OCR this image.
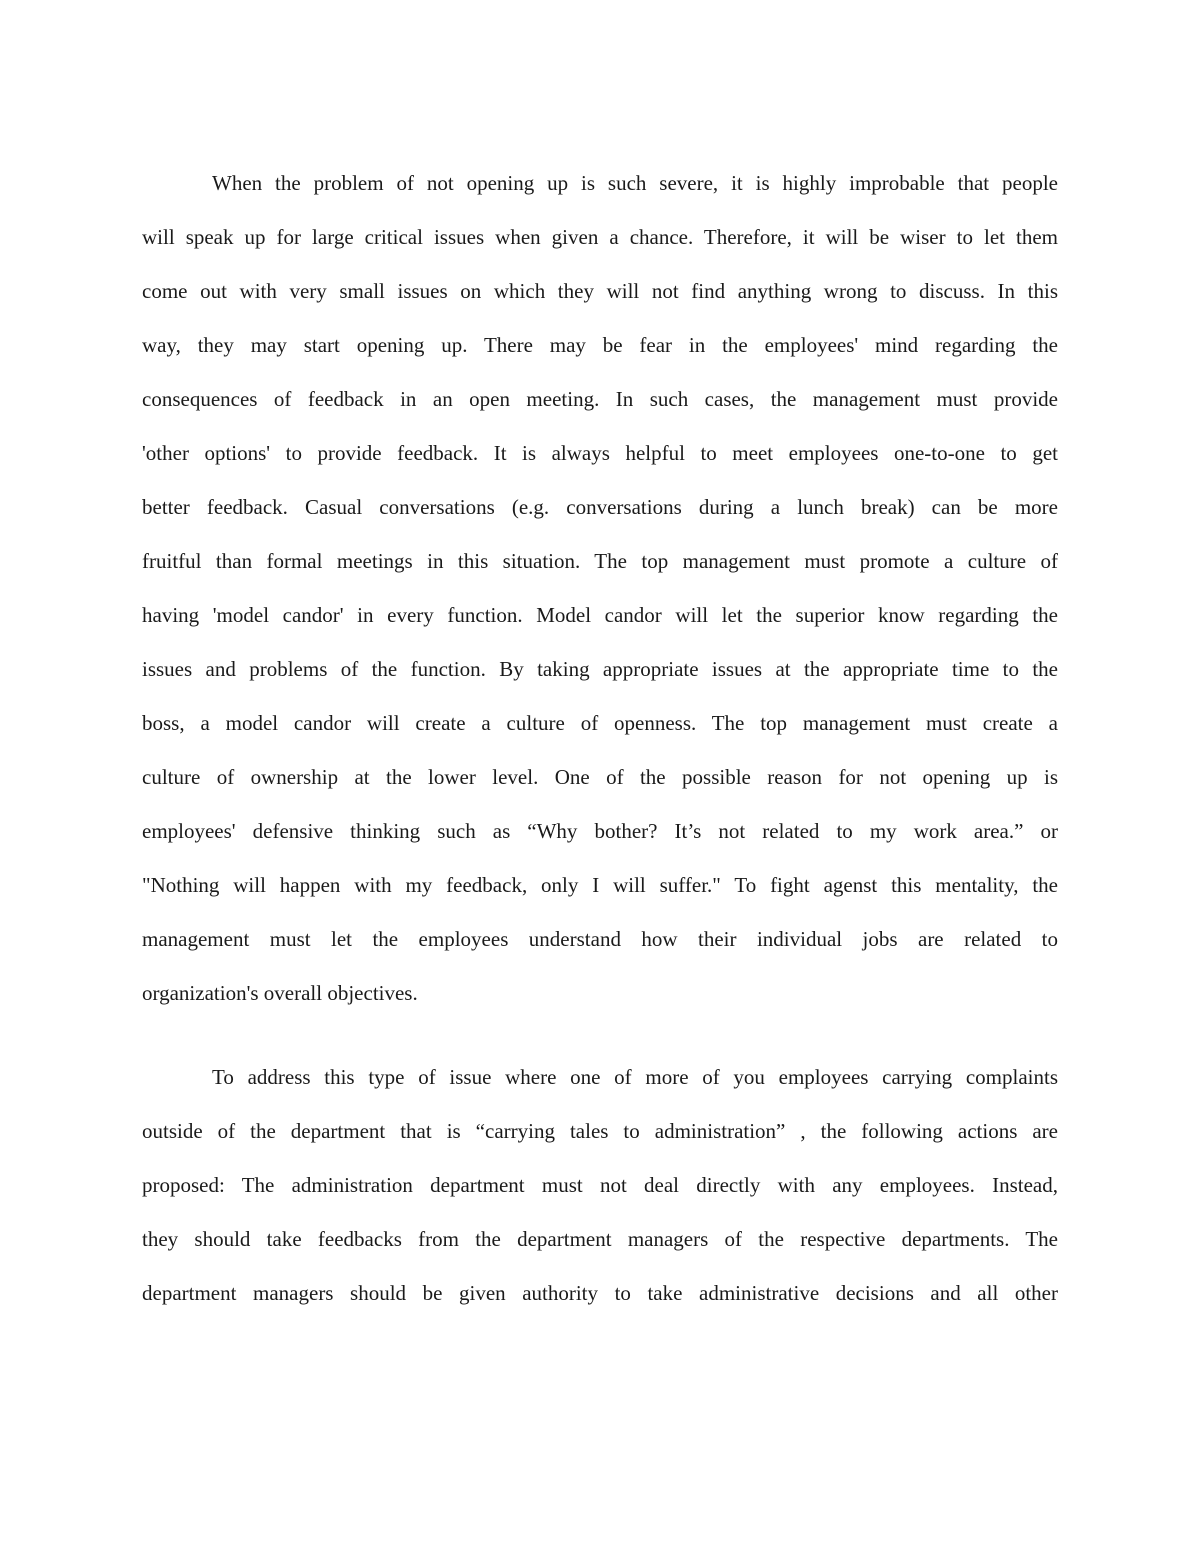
When the problem of not opening up is such severe, it is highly improbable that people
will speak up for large critical issues when given a chance. Therefore, it will be wiser to let them
come out with very small issues on which they will not find anything wrong to discuss. In this
way, they may start opening up. There may be fear in the employees' mind regarding the
consequences of feedback in an open meeting. In such cases, the management must provide
'other options' to provide feedback. It is always helpful to meet employees one-to-one to get
better feedback. Casual conversations (e.g. conversations during a lunch break) can be more
fruitful than formal meetings in this situation. The top management must promote a culture of
having 'model candor' in every function. Model candor will let the superior know regarding the
issues and problems of the function. By taking appropriate issues at the appropriate time to the
boss, a model candor will create a culture of openness. The top management must create a
culture of ownership at the lower level. One of the possible reason for not opening up is
employees' defensive thinking such as “Why bother? It’s not related to my work area.” or
"Nothing will happen with my feedback, only I will suffer." To fight agenst this mentality, the
management must let the employees understand how their individual jobs are related to
organization's overall objectives.
To address this type of issue where one of more of you employees carrying complaints
outside of the department that is “carrying tales to administration” , the following actions are
proposed: The administration department must not deal directly with any employees. Instead,
they should take feedbacks from the department managers of the respective departments. The
department managers should be given authority to take administrative decisions and all other
